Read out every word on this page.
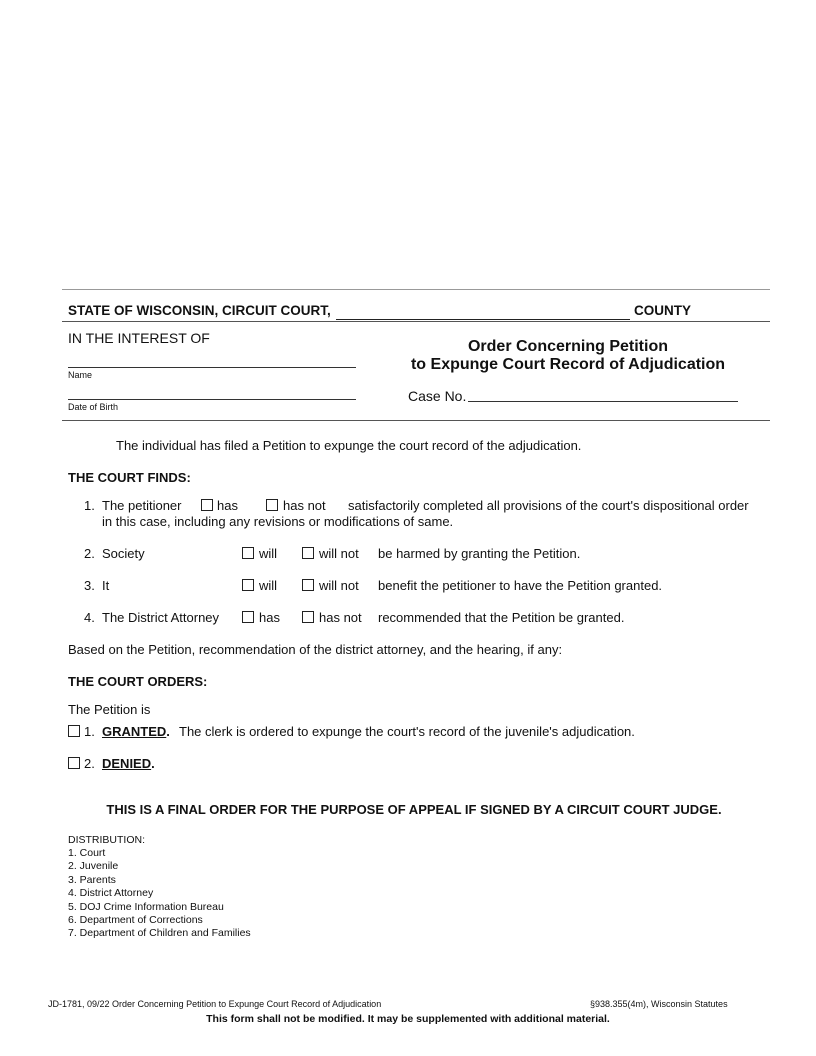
STATE OF WISCONSIN, CIRCUIT COURT,	COUNTY
IN THE INTEREST OF
Name
Date of Birth
Order Concerning Petition
to Expunge Court Record of Adjudication
Case No.
The individual has filed a Petition to expunge the court record of the adjudication.
THE COURT FINDS:
1. The petitioner	has	has not satisfactorily completed all provisions of the court's dispositional order
in this case, including any revisions or modifications of same.
2. Society	will	will not be harmed by granting the Petition.
3. It	will	will not benefit the petitioner to have the Petition granted.
4. The District Attorney	has	has not recommended that the Petition be granted.
Based on the Petition, recommendation of the district attorney, and the hearing, if any:
THE COURT ORDERS:
The Petition is
1. GRANTED. The clerk is ordered to expunge the court's record of the juvenile's adjudication.
2. DENIED.
THIS IS A FINAL ORDER FOR THE PURPOSE OF APPEAL IF SIGNED BY A CIRCUIT COURT JUDGE.
DISTRIBUTION:
1. Court
2. Juvenile
3. Parents
4. District Attorney
5. DOJ Crime Information Bureau
6. Department of Corrections
7. Department of Children and Families
JD-1781, 09/22 Order Concerning Petition to Expunge Court Record of Adjudication	§938.355(4m), Wisconsin Statutes
This form shall not be modified. It may be supplemented with additional material.
